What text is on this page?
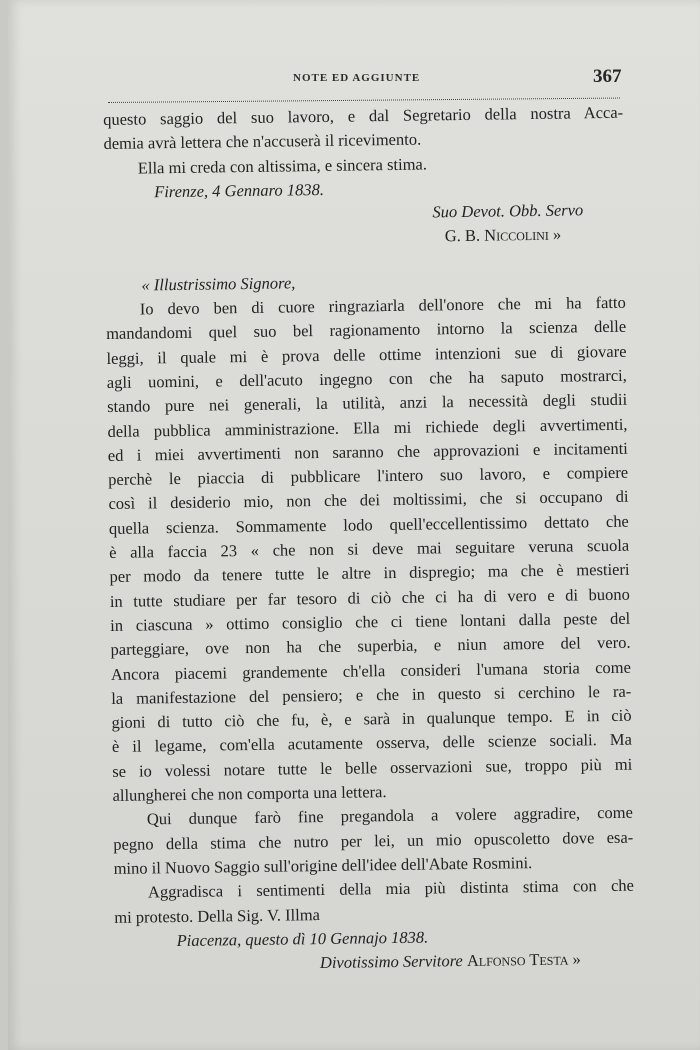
NOTE ED AGGIUNTE	367
questo saggio del suo lavoro, e dal Segretario della nostra Acca-
demia avrà lettera che n'accuserà il ricevimento.
Ella mi creda con altissima, e sincera stima.
Firenze, 4 Gennaro 1838.
Suo Devot. Obb. Servo
G. B. Niccolini »
« Illustrissimo Signore,
Io devo ben di cuore ringraziarla dell'onore che mi ha fatto
mandandomi quel suo bel ragionamento intorno la scienza delle
leggi, il quale mi è prova delle ottime intenzioni sue di giovare
agli uomini, e dell'acuto ingegno con che ha saputo mostrarci,
stando pure nei generali, la utilità, anzi la necessità degli studii
della pubblica amministrazione. Ella mi richiede degli avvertimenti,
ed i miei avvertimenti non saranno che approvazioni e incitamenti
perchè le piaccia di pubblicare l'intero suo lavoro, e compiere
così il desiderio mio, non che dei moltissimi, che si occupano di
quella scienza. Sommamente lodo quell'eccellentissimo dettato che
è alla faccia 23 « che non si deve mai seguitare veruna scuola
per modo da tenere tutte le altre in dispregio; ma che è mestieri
in tutte studiare per far tesoro di ciò che ci ha di vero e di buono
in ciascuna » ottimo consiglio che ci tiene lontani dalla peste del
parteggiare, ove non ha che superbia, e niun amore del vero.
Ancora piacemi grandemente ch'ella consideri l'umana storia come
la manifestazione del pensiero; e che in questo si cerchino le ra-
gioni di tutto ciò che fu, è, e sarà in qualunque tempo. E in ciò
è il legame, com'ella acutamente osserva, delle scienze sociali. Ma
se io volessi notare tutte le belle osservazioni sue, troppo più mi
allungherei che non comporta una lettera.
Qui dunque farò fine pregandola a volere aggradire, come
pegno della stima che nutro per lei, un mio opuscoletto dove esa-
mino il Nuovo Saggio sull'origine dell'idee dell'Abate Rosmini.
Aggradisca i sentimenti della mia più distinta stima con che
mi protesto. Della Sig. V. Illma
Piacenza, questo dì 10 Gennajo 1838.
Divotissimo Servitore Alfonso Testa »
